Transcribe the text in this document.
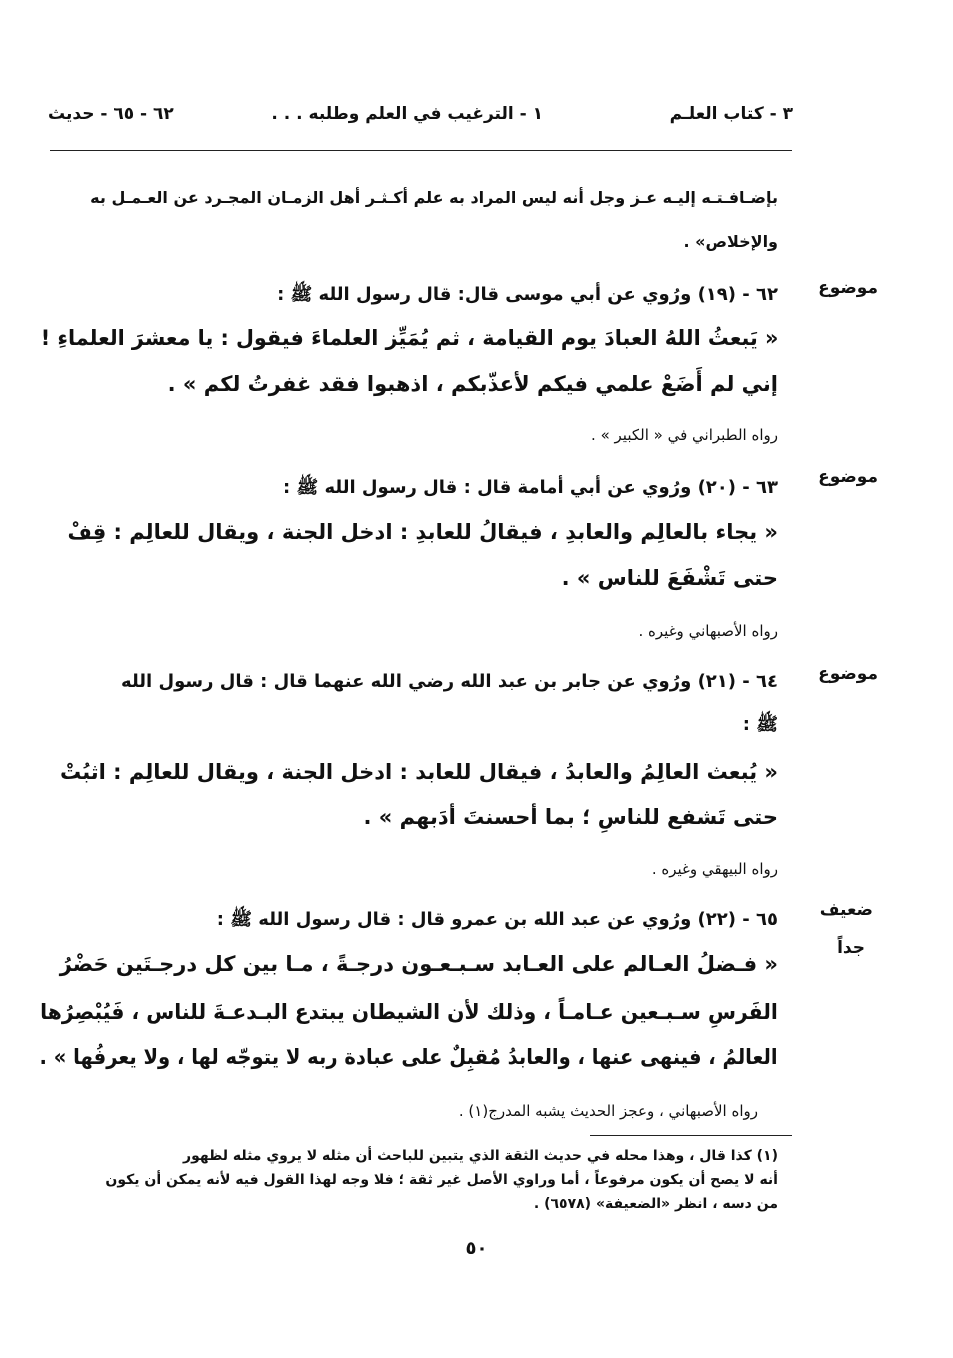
٣ - كتاب العلـم
١ - الترغيب في العلم وطلبه . . .
٦٢ - ٦٥ - حديث
بإضـافـتـه إليـه عـز وجل أنه ليس المراد به علم أكـثـر أهل الزمـان المجـرد عن العـمـل به
والإخلاص» .
موضوع
٦٢ - (١٩) ورُوي عن أبي موسى قال: قال رسول الله ﷺ :
« يَبعثُ اللهُ العبادَ يوم القيامة ، ثم يُمَيِّز العلماءَ فيقول : يا معشرَ العلماءِ !
إني لم أَضَعْ علمي فيكم لأعذّبكم ، اذهبوا فقد غفرتُ لكم » .
رواه الطبراني في « الكبير » .
موضوع
٦٣ - (٢٠) ورُوي عن أبي أمامة قال : قال رسول الله ﷺ :
« يجاء بالعالِم والعابدِ ، فيقالُ للعابدِ : ادخل الجنة ، ويقال للعالِم : قِفْ
حتى تَشْفَعَ للناس » .
رواه الأصبهاني وغيره .
موضوع
٦٤ - (٢١) ورُوي عن جابر بن عبد الله رضي الله عنهما قال : قال رسول الله
ﷺ :
« يُبعث العالِمُ والعابدُ ، فيقال للعابد : ادخل الجنة ، ويقال للعالِم : اثبُتْ
حتى تَشفع للناسِ ؛ بما أحسنتَ أدَبهم » .
رواه البيهقي وغيره .
ضعيف
جداً
٦٥ - (٢٢) ورُوي عن عبد الله بن عمرو قال : قال رسول الله ﷺ :
« فـضلُ العـالم على العـابد سـبـعـون درجـةً ، مـا بين كل درجـتَين حَضْرُ
الفَرسِ سـبـعين عـامـاً ، وذلك لأن الشيطان يبتدع البـدعـةَ للناس ، فَيُبْصِرُها
العالمُ ، فينهى عنها ، والعابدُ مُقبِلٌ على عبادة ربه لا يتوجّه لها ، ولا يعرفُها » .
رواه الأصبهاني ، وعجز الحديث يشبه المدرج(١) .
(١) كذا قال ، وهذا محله في حديث الثقة الذي يتبين للباحث أن مثله لا يروي مثله لظهور
أنه لا يصح أن يكون مرفوعاً ، أما وراوي الأصل غير ثقة ؛ فلا وجه لهذا القول فيه لأنه يمكن أن يكون
من دسه ، انظر «الضعيفة» (٦٥٧٨) .
٥٠
